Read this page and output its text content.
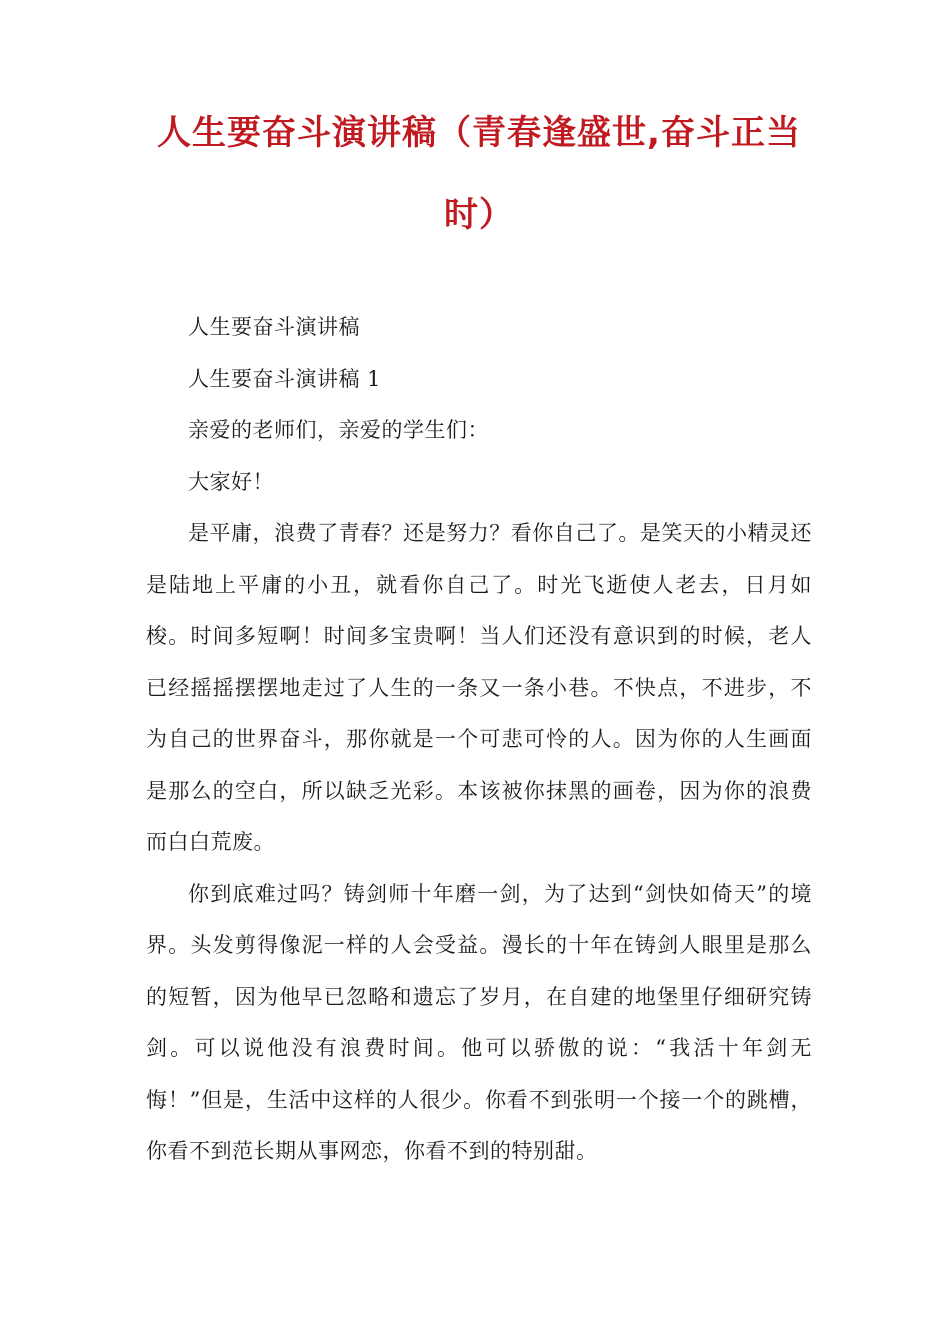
人生要奋斗演讲稿（青春逢盛世,奋斗正当时）

人生要奋斗演讲稿

人生要奋斗演讲稿 1

亲爱的老师们，亲爱的学生们：

大家好！

是平庸，浪费了青春？还是努力？看你自己了。是笑天的小精灵还是陆地上平庸的小丑，就看你自己了。时光飞逝使人老去，日月如梭。时间多短啊！时间多宝贵啊！当人们还没有意识到的时候，老人已经摇摇摆摆地走过了人生的一条又一条小巷。不快点，不进步，不为自己的世界奋斗，那你就是一个可悲可怜的人。因为你的人生画面是那么的空白，所以缺乏光彩。本该被你抹黑的画卷，因为你的浪费而白白荒废。

你到底难过吗？铸剑师十年磨一剑，为了达到“剑快如倚天”的境界。头发剪得像泥一样的人会受益。漫长的十年在铸剑人眼里是那么的短暂，因为他早已忽略和遗忘了岁月，在自建的地堡里仔细研究铸剑。可以说他没有浪费时间。他可以骄傲的说：“我活十年剑无悔！”但是，生活中这样的人很少。你看不到张明一个接一个的跳槽，你看不到范长期从事网恋，你看不到的特别甜。
